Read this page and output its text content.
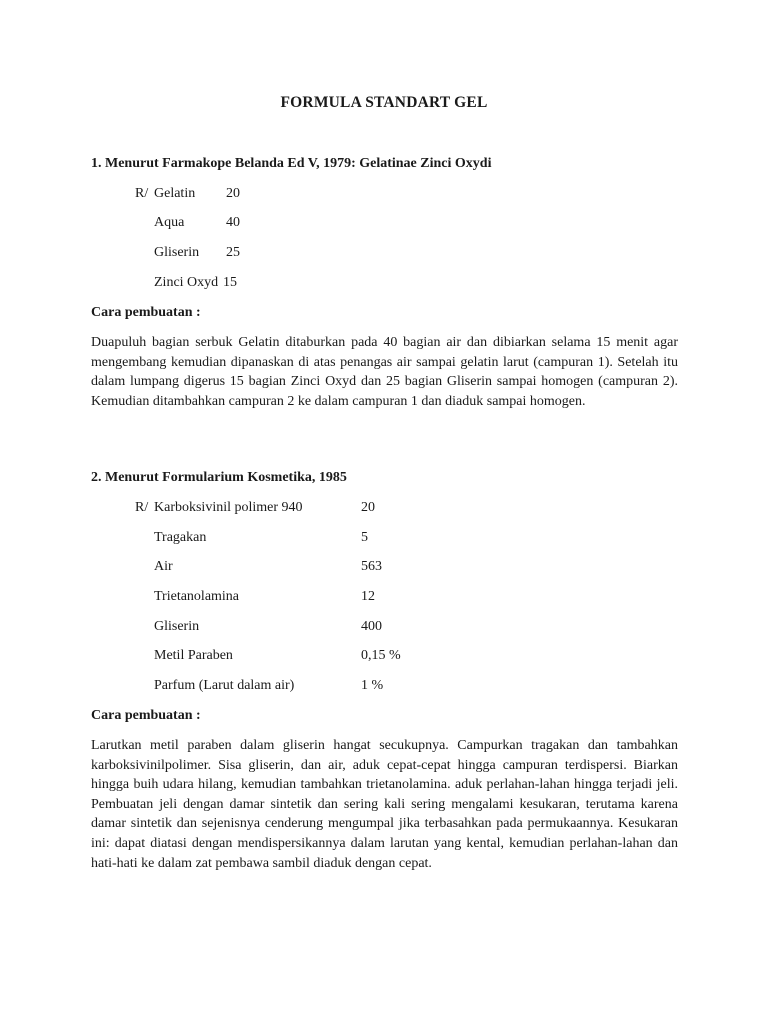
FORMULA STANDART GEL
1. Menurut Farmakope Belanda Ed V, 1979: Gelatinae Zinci Oxydi
R/ Gelatin 20
Aqua	40
Gliserin 25
Zinci Oxyd 15
Cara pembuatan :

Duapuluh bagian serbuk Gelatin ditaburkan pada 40 bagian air dan dibiarkan selama 15 menit agar mengembang kemudian dipanaskan di atas penangas air sampai gelatin larut (campuran 1). Setelah itu dalam lumpang digerus 15 bagian Zinci Oxyd dan 25 bagian Gliserin sampai homogen (campuran 2). Kemudian ditambahkan campuran 2 ke dalam campuran 1 dan diaduk sampai homogen.

2. Menurut Formularium Kosmetika, 1985
R/ Karboksivinil polimer 940	20
Tragakan	5
Air	563
Trietanolamina	12
Gliserin	400
Metil Paraben	0,15 %
Parfum (Larut dalam air)	1 %
Cara pembuatan :

Larutkan metil paraben dalam gliserin hangat secukupnya. Campurkan tragakan dan tambahkan karboksivinilpolimer. Sisa gliserin, dan air, aduk cepat-cepat hingga campuran terdispersi. Biarkan hingga buih udara hilang, kemudian tambahkan trietanolamina. aduk perlahan-lahan hingga terjadi jeli. Pembuatan jeli dengan damar sintetik dan sering kali sering mengalami kesukaran, terutama karena damar sintetik dan sejenisnya cenderung mengumpal jika terbasahkan pada permukaannya. Kesukaran ini: dapat diatasi dengan mendispersikannya dalam larutan yang kental, kemudian perlahan-lahan dan hati-hati ke dalam zat pembawa sambil diaduk dengan cepat.
